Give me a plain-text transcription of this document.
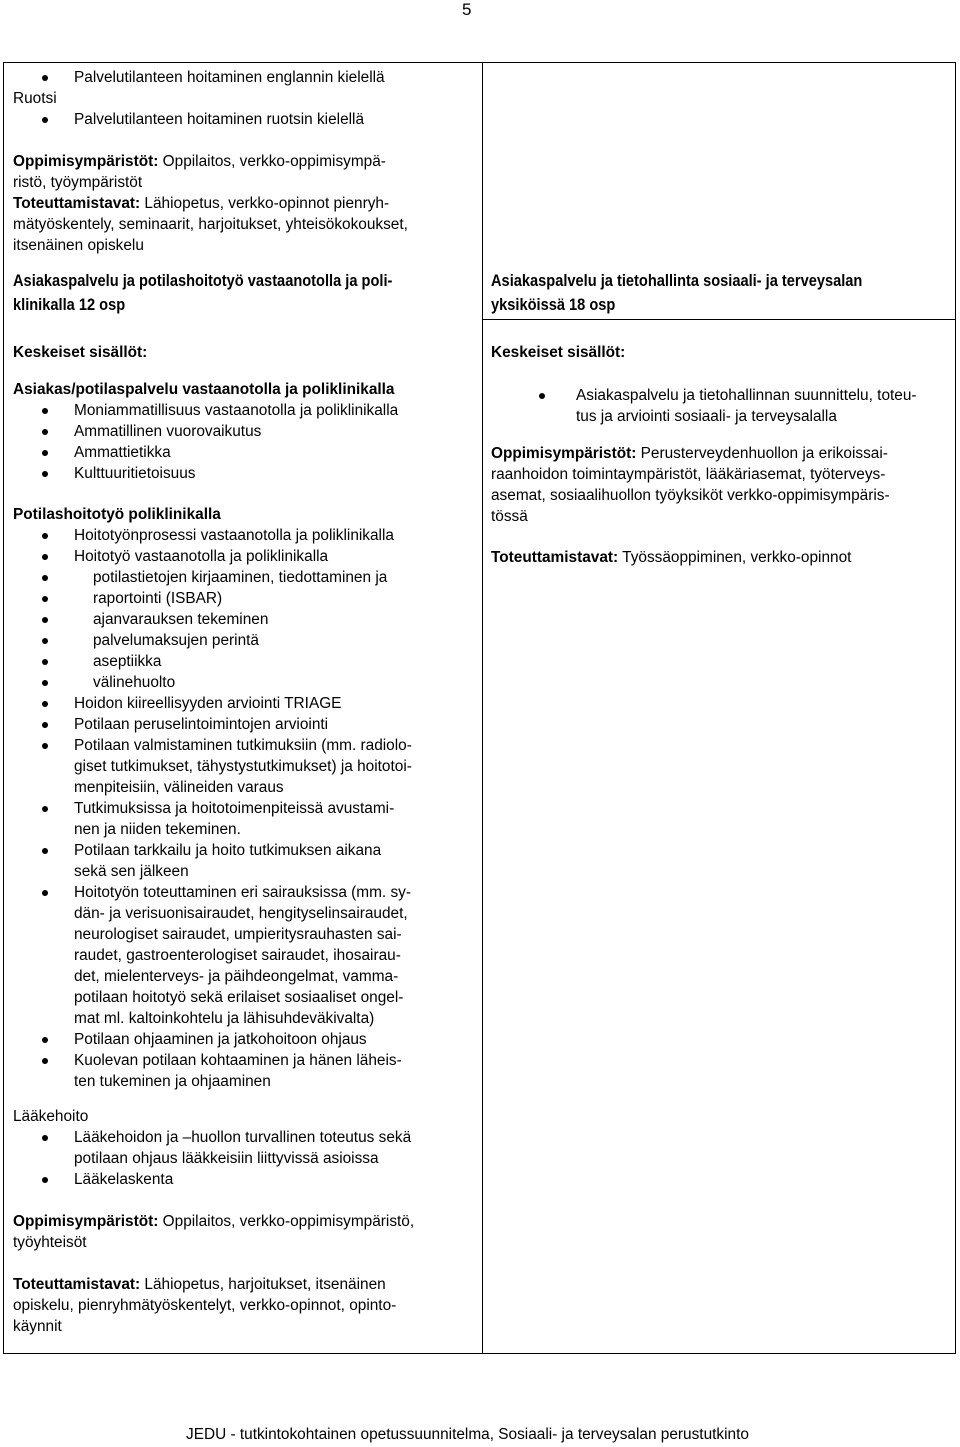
5
Palvelutilanteen hoitaminen englannin kielellä

Ruotsi

Palvelutilanteen hoitaminen ruotsin kielellä

Oppimisympäristöt: Oppilaitos, verkko-oppimisympä-

ristö, työympäristöt

Toteuttamistavat: Lähiopetus, verkko-opinnot pienryh-

mätyöskentely, seminaarit, harjoitukset, yhteisökokoukset,

itsenäinen opiskelu

Asiakaspalvelu ja potilashoitotyö vastaanotolla ja poli-
klinikalla 12 osp
Keskeiset sisällöt:

Asiakas/potilaspalvelu vastaanotolla ja poliklinikalla

Moniammatillisuus vastaanotolla ja poliklinikalla
Ammatillinen vuorovaikutus
Ammattietikka
Kulttuuritietoisuus

Potilashoitotyö poliklinikalla

Hoitotyönprosessi vastaanotolla ja poliklinikalla
Hoitotyö vastaanotolla ja poliklinikalla
potilastietojen kirjaaminen, tiedottaminen ja
raportointi (ISBAR)
ajanvarauksen tekeminen
palvelumaksujen perintä
aseptiikka
välinehuolto
Hoidon kiireellisyyden arviointi TRIAGE
Potilaan peruselintoimintojen arviointi
Potilaan valmistaminen tutkimuksiin (mm. radiolo-
giset tutkimukset, tähystystutkimukset) ja hoitotoi-
menpiteisiin, välineiden varaus
Tutkimuksissa ja hoitotoimenpiteissä avustami-
nen ja niiden tekeminen.
Potilaan tarkkailu ja hoito tutkimuksen aikana
sekä sen jälkeen
Hoitotyön toteuttaminen eri sairauksissa (mm. sy-
dän- ja verisuonisairaudet, hengityselinsairaudet,
neurologiset sairaudet, umpieritysrauhasten sai-
raudet, gastroenterologiset sairaudet, ihosairau-
det, mielenterveys- ja päihdeongelmat, vamma-
potilaan hoitotyö sekä erilaiset sosiaaliset ongel-
mat ml. kaltoinkohtelu ja lähisuhdeväkivalta)
Potilaan ohjaaminen ja jatkohoitoon ohjaus
Kuolevan potilaan kohtaaminen ja hänen läheis-
ten tukeminen ja ohjaaminen

Lääkehoito

Lääkehoidon ja –huollon turvallinen toteutus sekä
potilaan ohjaus lääkkeisiin liittyvissä asioissa
Lääkelaskenta

Oppimisympäristöt: Oppilaitos, verkko-oppimisympäristö,

työyhteisöt

Toteuttamistavat: Lähiopetus, harjoitukset, itsenäinen

opiskelu, pienryhmätyöskentelyt, verkko-opinnot, opinto-

käynnit

Asiakaspalvelu ja tietohallinta sosiaali- ja terveysalan
yksiköissä 18 osp
Keskeiset sisällöt:
Asiakaspalvelu ja tietohallinnan suunnittelu, toteu-
tus ja arviointi sosiaali- ja terveysalalla

Oppimisympäristöt: Perusterveydenhuollon ja erikoissai-

raanhoidon toimintaympäristöt, lääkäriasemat, työterveys-

asemat, sosiaalihuollon työyksiköt verkko-oppimisympäris-

tössä

Toteuttamistavat: Työssäoppiminen, verkko-opinnot

JEDU - tutkintokohtainen opetussuunnitelma, Sosiaali- ja terveysalan perustutkinto
